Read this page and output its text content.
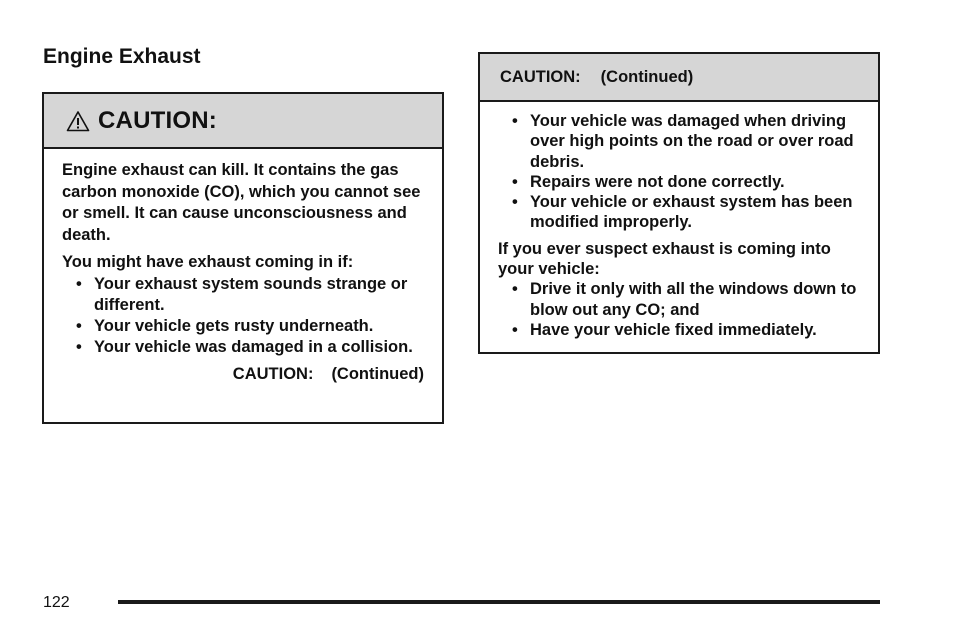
Engine Exhaust
CAUTION:

Engine exhaust can kill. It contains the gas carbon monoxide (CO), which you cannot see or smell. It can cause unconsciousness and death.

You might have exhaust coming in if:

• Your exhaust system sounds strange or different.
• Your vehicle gets rusty underneath.
• Your vehicle was damaged in a collision.
CAUTION: (Continued)
CAUTION: (Continued)
• Your vehicle was damaged when driving over high points on the road or over road debris.
• Repairs were not done correctly.
• Your vehicle or exhaust system has been modified improperly.

If you ever suspect exhaust is coming into your vehicle:

• Drive it only with all the windows down to blow out any CO; and
• Have your vehicle fixed immediately.
122
